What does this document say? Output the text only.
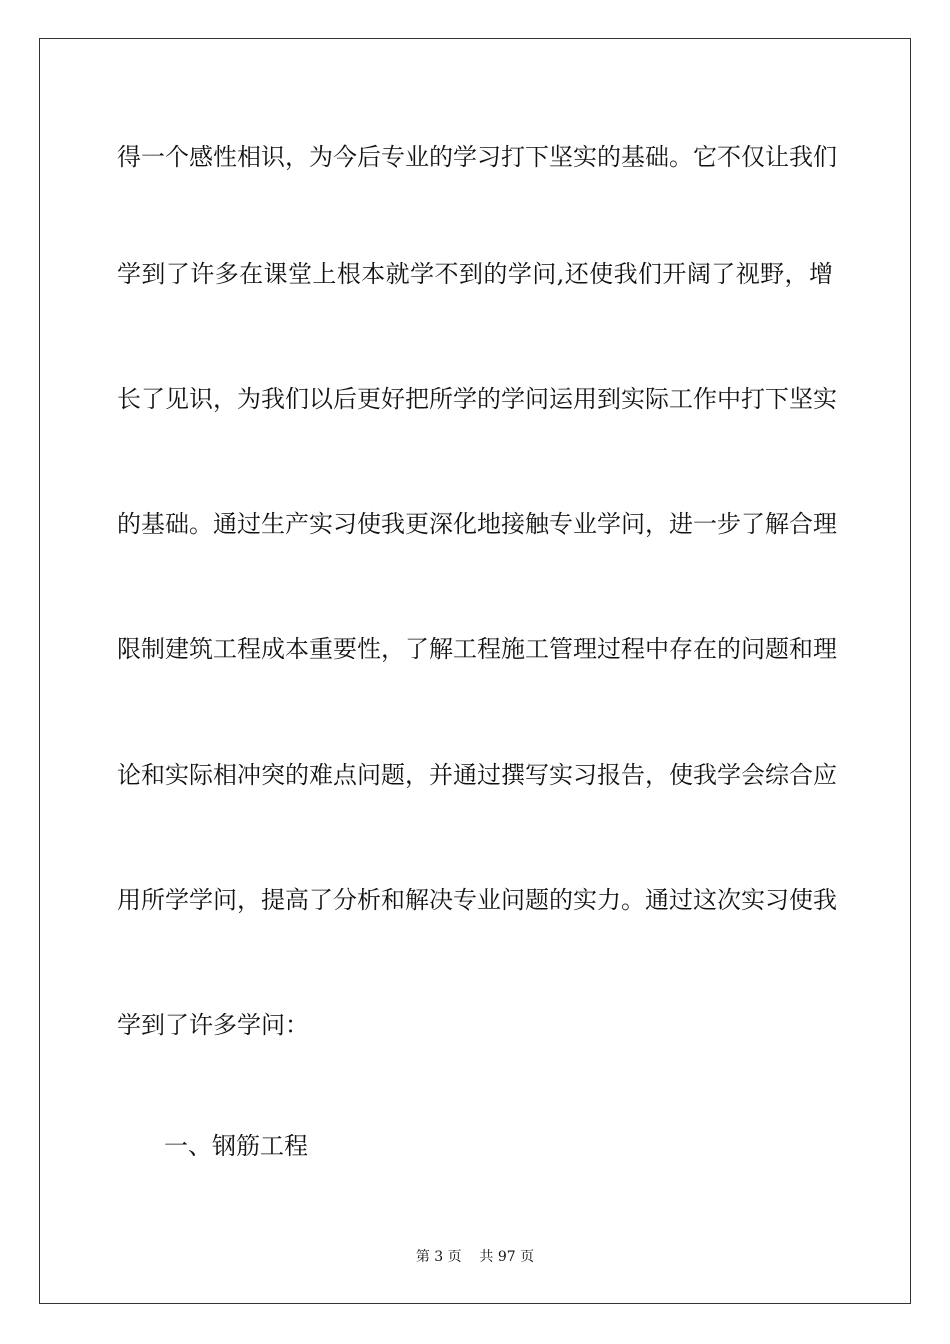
得一个感性相识，为今后专业的学习打下坚实的基础。它不仅让我们
学到了许多在课堂上根本就学不到的学问,还使我们开阔了视野，增
长了见识，为我们以后更好把所学的学问运用到实际工作中打下坚实
的基础。通过生产实习使我更深化地接触专业学问，进一步了解合理
限制建筑工程成本重要性，了解工程施工管理过程中存在的问题和理
论和实际相冲突的难点问题，并通过撰写实习报告，使我学会综合应
用所学学问，提高了分析和解决专业问题的实力。通过这次实习使我
学到了许多学问：
一、钢筋工程
第 3 页    共 97 页
